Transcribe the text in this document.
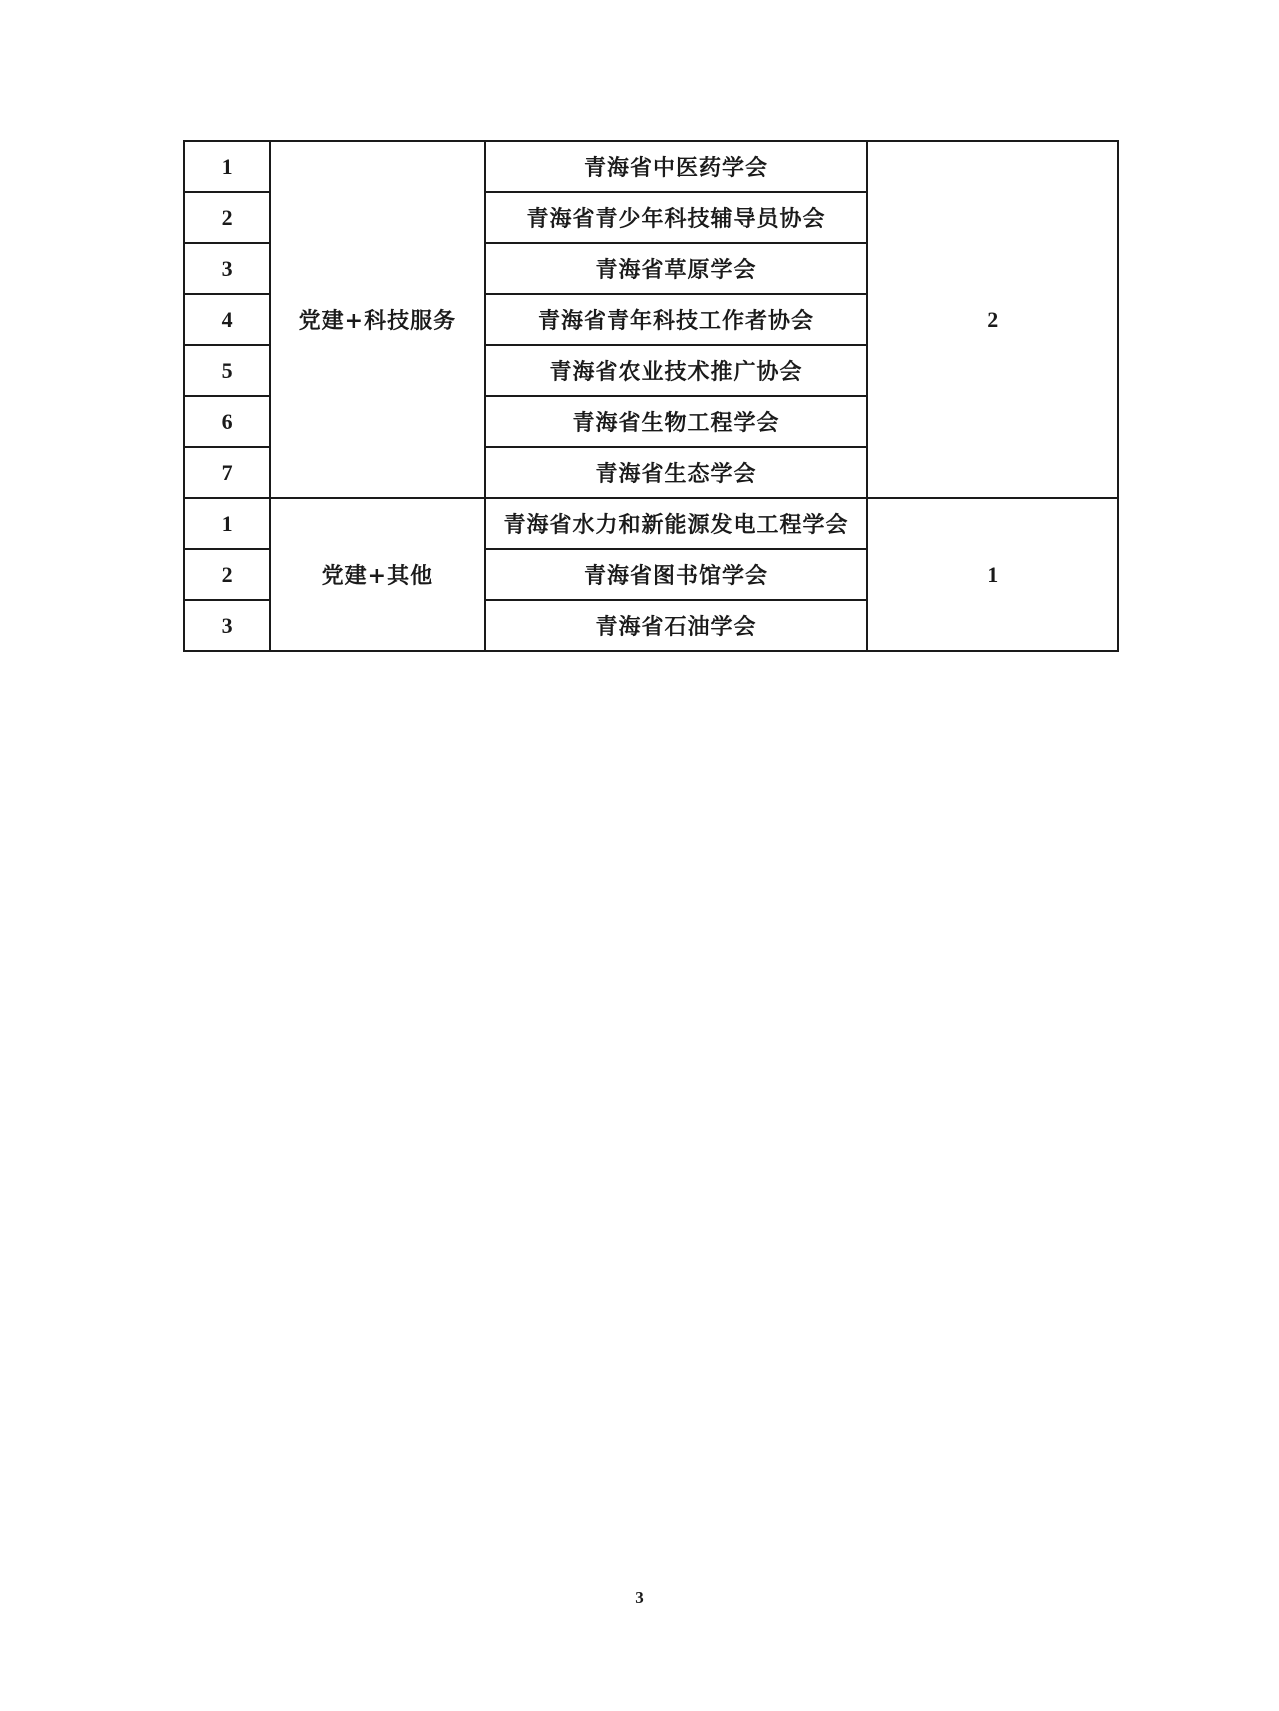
1	党建+科技服务	青海省中医药学会	2
2		青海省青少年科技辅导员协会	
3		青海省草原学会	
4		青海省青年科技工作者协会	
5		青海省农业技术推广协会	
6		青海省生物工程学会	
7		青海省生态学会	
1	党建+其他	青海省水力和新能源发电工程学会	1
2		青海省图书馆学会	
3		青海省石油学会	
3
